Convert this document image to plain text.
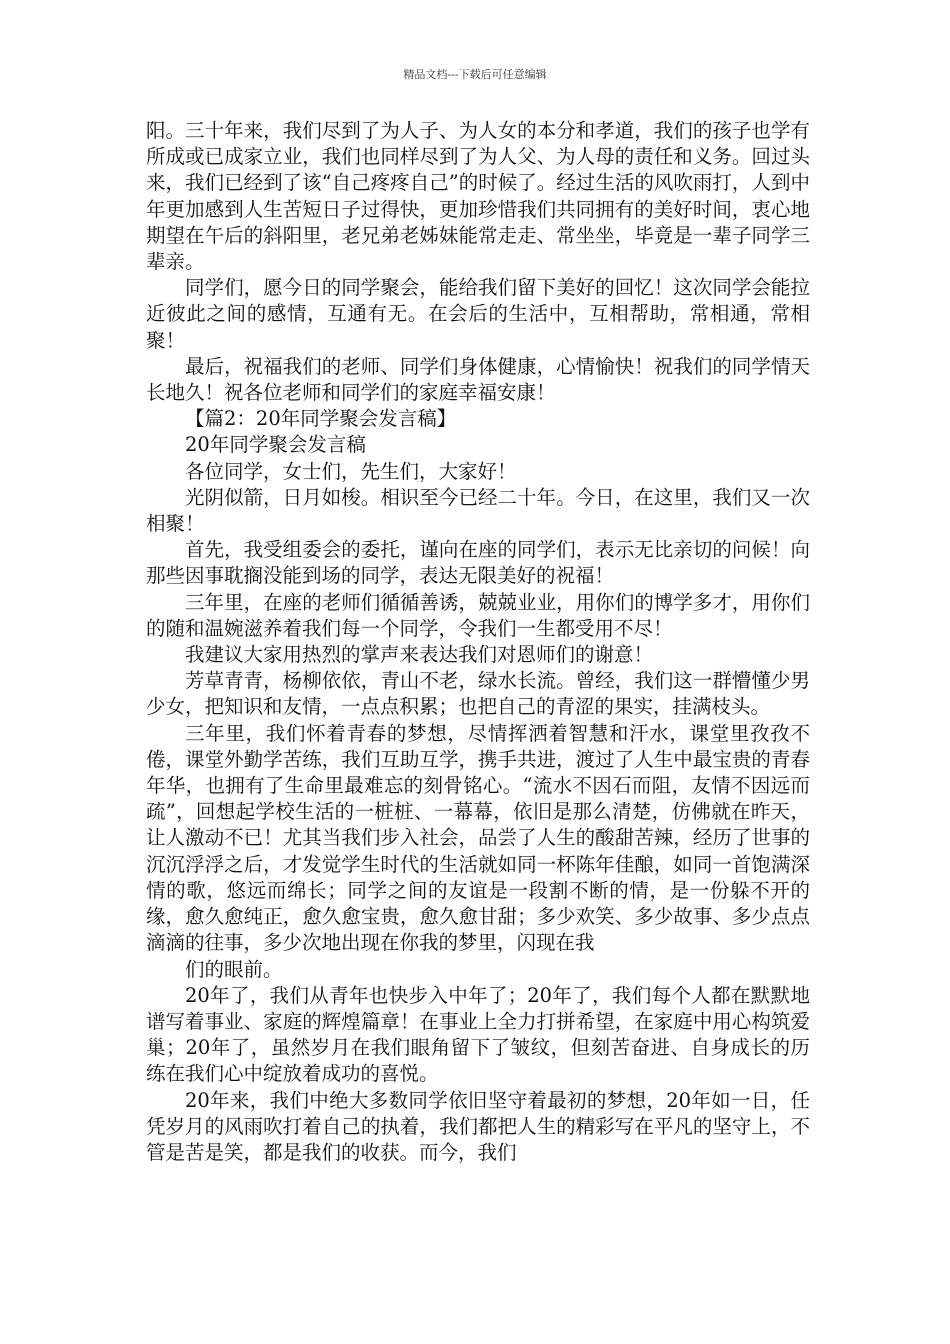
精品文档---下载后可任意编辑

阳。三十年来，我们尽到了为人子、为人女的本分和孝道，我们的孩子也学有所成或已成家立业，我们也同样尽到了为人父、为人母的责任和义务。回过头来，我们已经到了该“自己疼疼自己”的时候了。经过生活的风吹雨打，人到中年更加感到人生苦短日子过得快，更加珍惜我们共同拥有的美好时间，衷心地期望在午后的斜阳里，老兄弟老姊妹能常走走、常坐坐，毕竟是一辈子同学三辈亲。

同学们，愿今日的同学聚会，能给我们留下美好的回忆！这次同学会能拉近彼此之间的感情，互通有无。在会后的生活中，互相帮助，常相通，常相聚！

最后，祝福我们的老师、同学们身体健康，心情愉快！祝我们的同学情天长地久！祝各位老师和同学们的家庭幸福安康！

【篇2：20年同学聚会发言稿】

20年同学聚会发言稿

各位同学，女士们，先生们，大家好！

光阴似箭，日月如梭。相识至今已经二十年。今日，在这里，我们又一次相聚！

首先，我受组委会的委托，谨向在座的同学们，表示无比亲切的问候！向那些因事耽搁没能到场的同学，表达无限美好的祝福！

三年里，在座的老师们循循善诱，兢兢业业，用你们的博学多才，用你们的随和温婉滋养着我们每一个同学，令我们一生都受用不尽！

我建议大家用热烈的掌声来表达我们对恩师们的谢意！

芳草青青，杨柳依依，青山不老，绿水长流。曾经，我们这一群懵懂少男少女，把知识和友情，一点点积累；也把自己的青涩的果实，挂满枝头。

三年里，我们怀着青春的梦想，尽情挥洒着智慧和汗水，课堂里孜孜不倦，课堂外勤学苦练，我们互助互学，携手共进，渡过了人生中最宝贵的青春年华，也拥有了生命里最难忘的刻骨铭心。“流水不因石而阻，友情不因远而疏”，回想起学校生活的一桩桩、一幕幕，依旧是那么清楚，仿佛就在昨天，让人激动不已！尤其当我们步入社会，品尝了人生的酸甜苦辣，经历了世事的沉沉浮浮之后，才发觉学生时代的生活就如同一杯陈年佳酿，如同一首饱满深情的歌，悠远而绵长；同学之间的友谊是一段割不断的情，是一份躲不开的缘，愈久愈纯正，愈久愈宝贵，愈久愈甘甜；多少欢笑、多少故事、多少点点滴滴的往事，多少次地出现在你我的梦里，闪现在我

们的眼前。

20年了，我们从青年也快步入中年了；20年了，我们每个人都在默默地谱写着事业、家庭的辉煌篇章！在事业上全力打拼希望，在家庭中用心构筑爱巢；20年了，虽然岁月在我们眼角留下了皱纹，但刻苦奋进、自身成长的历练在我们心中绽放着成功的喜悦。

20年来，我们中绝大多数同学依旧坚守着最初的梦想，20年如一日，任凭岁月的风雨吹打着自己的执着，我们都把人生的精彩写在平凡的坚守上，不管是苦是笑，都是我们的收获。而今，我们
